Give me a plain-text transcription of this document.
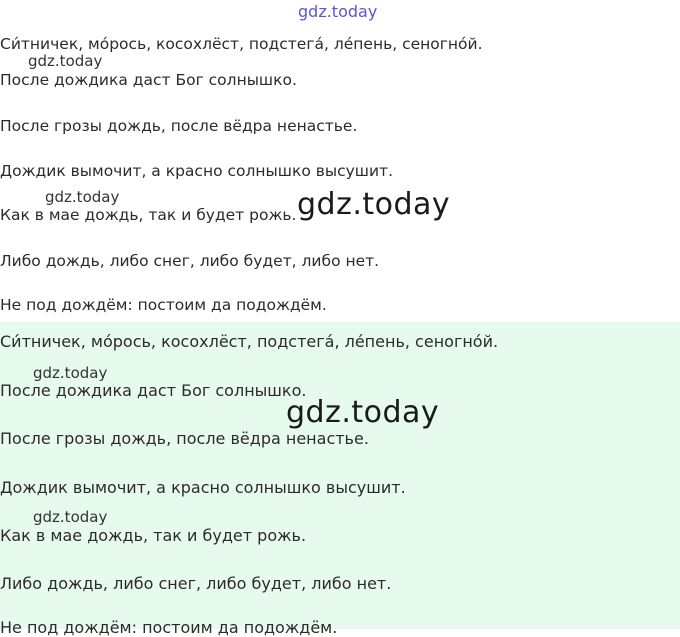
gdz.today
Си́тничек, мо́рось, косохлёст, подстега́, ле́пень, сеногно́й.
После дождика даст Бог солнышко.
После грозы дождь, после вёдра ненастье.
Дождик вымочит, а красно солнышко высушит.
Как в мае дождь, так и будет рожь.
Либо дождь, либо снег, либо будет, либо нет.
Не под дождём: постоим да подождём.
Си́тничек, мо́рось, косохлёст, подстега́, ле́пень, сеногно́й.
После дождика даст Бог солнышко.
После грозы дождь, после вёдра ненастье.
Дождик вымочит, а красно солнышко высушит.
Как в мае дождь, так и будет рожь.
Либо дождь, либо снег, либо будет, либо нет.
Не под дождём: постоим да подождём.
gdz.today
gdz.today	gdz.today
gdz.today
gdz.today
gdz.today
